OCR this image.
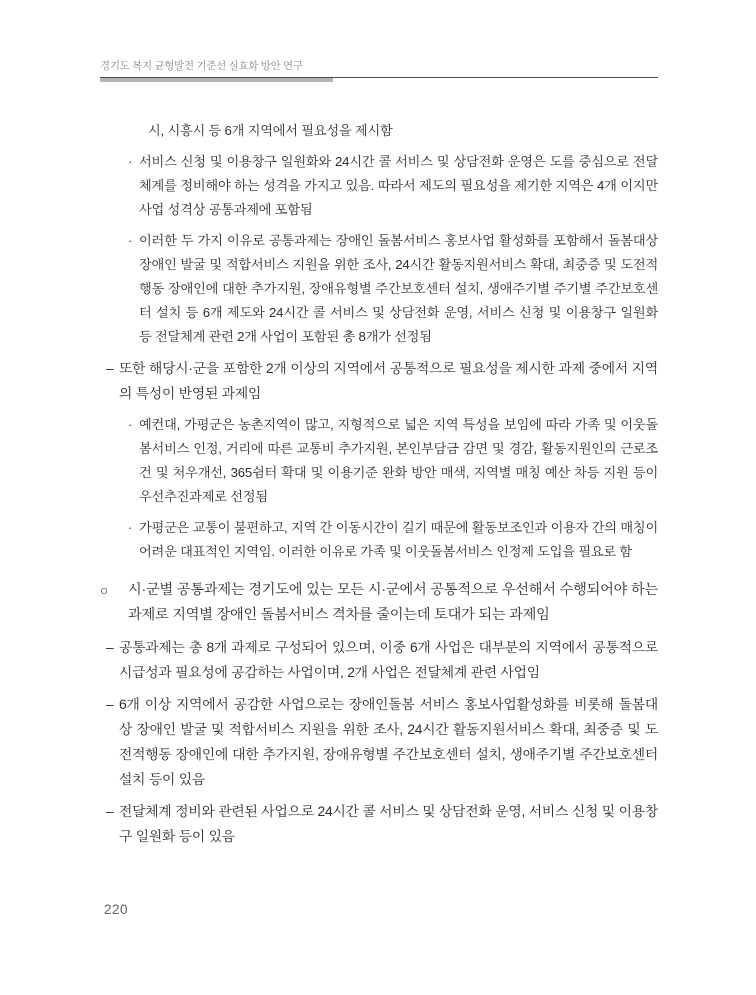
경기도 복지 균형발전 기준선 실효화 방안 연구
시, 시흥시 등 6개 지역에서 필요성을 제시함
· 서비스 신청 및 이용창구 일원화와 24시간 콜 서비스 및 상담전화 운영은 도를 중심으로 전달체계를 정비해야 하는 성격을 가지고 있음. 따라서 제도의 필요성을 제기한 지역은 4개 이지만 사업 성격상 공통과제에 포함됨
· 이러한 두 가지 이유로 공통과제는 장애인 돌봄서비스 홍보사업 활성화를 포함해서 돌봄대상 장애인 발굴 및 적합서비스 지원을 위한 조사, 24시간 활동지원서비스 확대, 최중증 및 도전적행동 장애인에 대한 추가지원, 장애유형별 주간보호센터 설치, 생애주기별 주기별 주간보호센터 설치 등 6개 제도와 24시간 콜 서비스 및 상담전화 운영, 서비스 신청 및 이용창구 일원화 등 전달체계 관련 2개 사업이 포함된 총 8개가 선정됨
– 또한 해당시·군을 포함한 2개 이상의 지역에서 공통적으로 필요성을 제시한 과제 중에서 지역의 특성이 반영된 과제임
· 예컨대, 가평군은 농촌지역이 많고, 지형적으로 넓은 지역 특성을 보임에 따라 가족 및 이웃돌봄서비스 인정, 거리에 따른 교통비 추가지원, 본인부담금 감면 및 경감, 활동지원인의 근로조건 및 처우개선, 365쉼터 확대 및 이용기준 완화 방안 매색, 지역별 매칭 예산 차등 지원 등이 우선추진과제로 선정됨
· 가평군은 교통이 불편하고, 지역 간 이동시간이 길기 때문에 활동보조인과 이용자 간의 매칭이 어려운 대표적인 지역임. 이러한 이유로 가족 및 이웃돌봄서비스 인정제 도입을 필요로 함
○	시·군별 공통과제는 경기도에 있는 모든 시·군에서 공통적으로 우선해서 수행되어야 하는 과제로 지역별 장애인 돌봄서비스 격차를 줄이는데 토대가 되는 과제임
– 공통과제는 총 8개 과제로 구성되어 있으며, 이중 6개 사업은 대부분의 지역에서 공통적으로 시급성과 필요성에 공감하는 사업이며, 2개 사업은 전달체계 관련 사업임
– 6개 이상 지역에서 공감한 사업으로는 장애인돌봄 서비스 홍보사업활성화를 비롯해 돌봄대상 장애인 발굴 및 적합서비스 지원을 위한 조사, 24시간 활동지원서비스 확대, 최중증 및 도전적행동 장애인에 대한 추가지원, 장애유형별 주간보호센터 설치, 생애주기별 주간보호센터 설치 등이 있음
– 전달체계 정비와 관련된 사업으로 24시간 콜 서비스 및 상담전화 운영, 서비스 신청 및 이용창구 일원화 등이 있음
220
